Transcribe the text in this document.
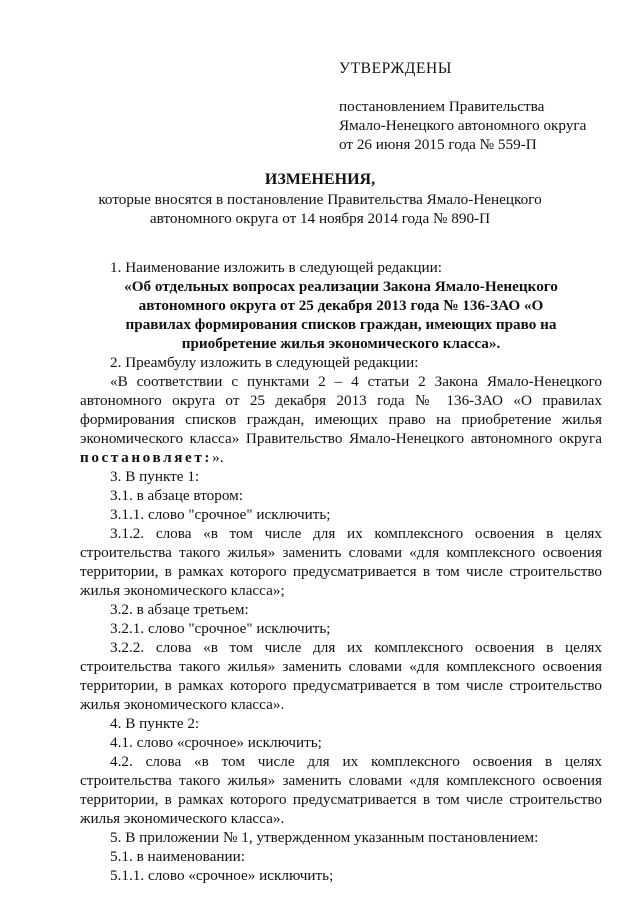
УТВЕРЖДЕНЫ
постановлением Правительства
Ямало-Ненецкого автономного округа
от 26 июня 2015 года № 559-П
ИЗМЕНЕНИЯ,
которые вносятся в постановление Правительства Ямало-Ненецкого
автономного округа от 14 ноября 2014 года № 890-П

1. Наименование изложить в следующей редакции:

«Об отдельных вопросах реализации Закона Ямало-Ненецкого автономного округа от 25 декабря 2013 года № 136-ЗАО «О правилах формирования списков граждан, имеющих право на приобретение жилья экономического класса».

2. Преамбулу изложить в следующей редакции:

«В соответствии с пунктами 2 – 4 статьи 2 Закона Ямало-Ненецкого автономного округа от 25 декабря 2013 года № 136-ЗАО «О правилах формирования списков граждан, имеющих право на приобретение жилья экономического класса» Правительство Ямало-Ненецкого автономного округа постановляет:».

3. В пункте 1:

3.1. в абзаце втором:

3.1.1. слово "срочное" исключить;

3.1.2. слова «в том числе для их комплексного освоения в целях строительства такого жилья» заменить словами «для комплексного освоения территории, в рамках которого предусматривается в том числе строительство жилья экономического класса»;

3.2. в абзаце третьем:

3.2.1. слово "срочное" исключить;

3.2.2. слова «в том числе для их комплексного освоения в целях строительства такого жилья» заменить словами «для комплексного освоения территории, в рамках которого предусматривается в том числе строительство жилья экономического класса».

4. В пункте 2:

4.1. слово «срочное» исключить;

4.2. слова «в том числе для их комплексного освоения в целях строительства такого жилья» заменить словами «для комплексного освоения территории, в рамках которого предусматривается в том числе строительство жилья экономического класса».

5. В приложении № 1, утвержденном указанным постановлением:

5.1. в наименовании:

5.1.1. слово «срочное» исключить;
